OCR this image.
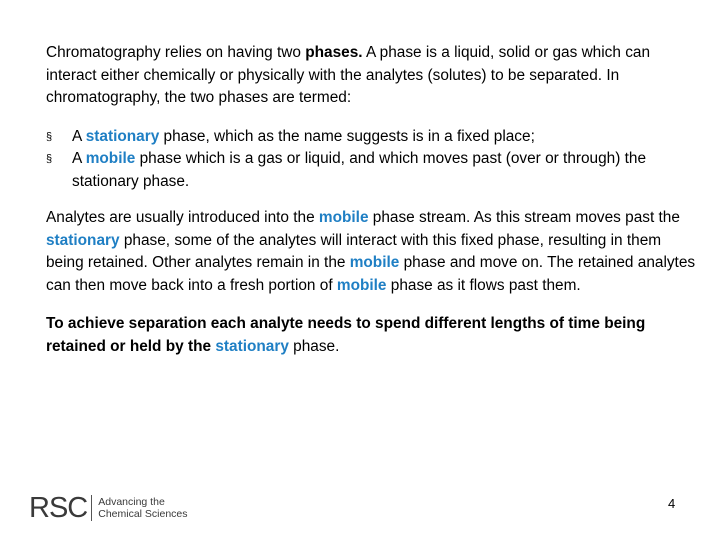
Chromatography relies on having two phases. A phase is a liquid, solid or gas which can interact either chemically or physically with the analytes (solutes) to be separated. In chromatography, the two phases are termed:

§ A stationary phase, which as the name suggests is in a fixed place;
§ A mobile phase which is a gas or liquid, and which moves past (over or through) the stationary phase.

Analytes are usually introduced into the mobile phase stream. As this stream moves past the stationary phase, some of the analytes will interact with this fixed phase, resulting in them being retained. Other analytes remain in the mobile phase and move on. The retained analytes can then move back into a fresh portion of mobile phase as it flows past them.

To achieve separation each analyte needs to spend different lengths of time being retained or held by the stationary phase.

RSC Advancing the
Chemical Sciences
4
